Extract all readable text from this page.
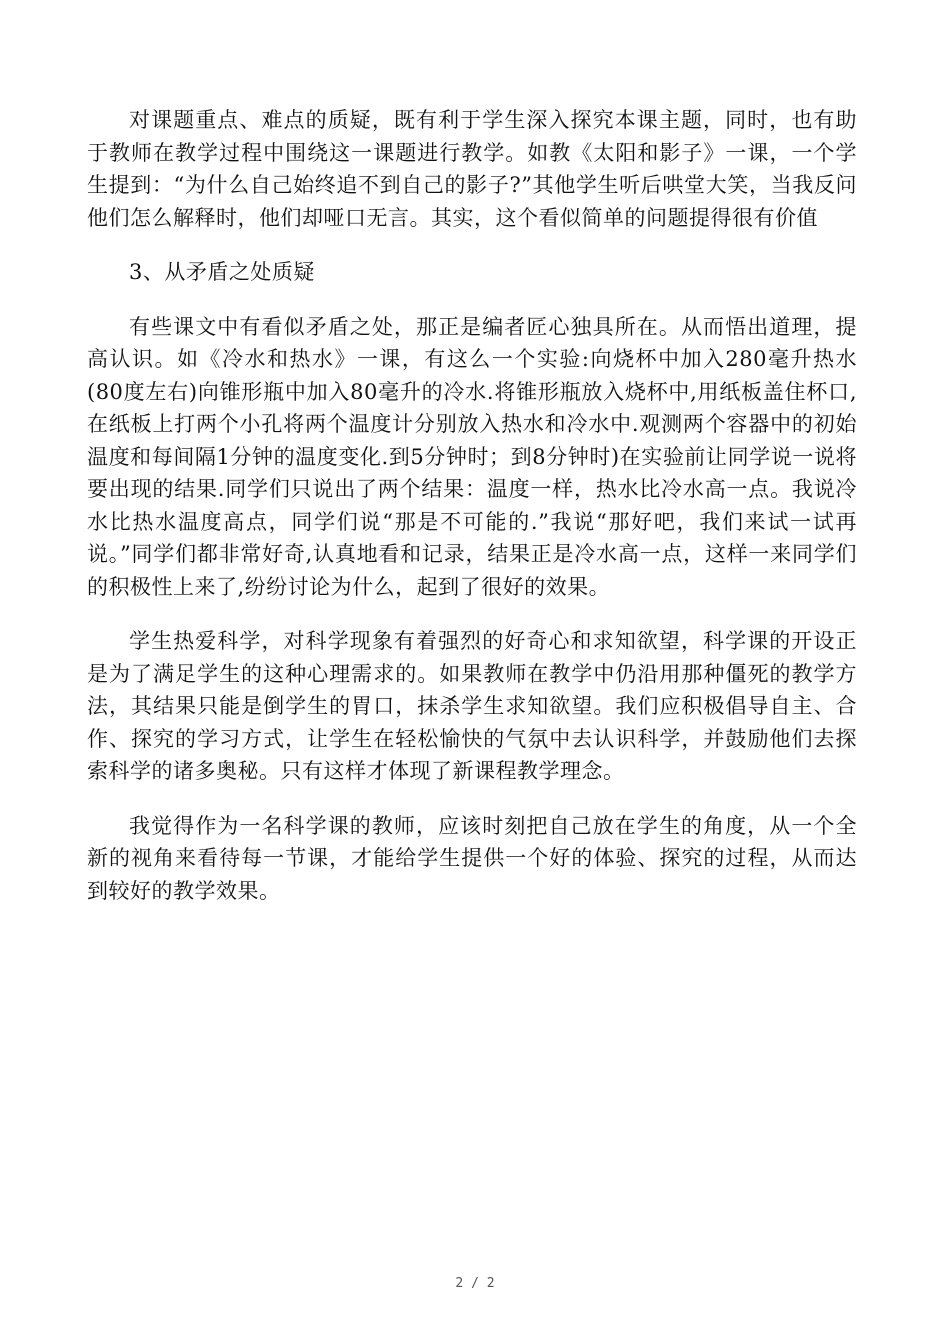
对课题重点、难点的质疑，既有利于学生深入探究本课主题，同时，也有助于教师在教学过程中围绕这一课题进行教学。如教《太阳和影子》一课，一个学生提到：“为什么自己始终追不到自己的影子?”其他学生听后哄堂大笑，当我反问他们怎么解释时，他们却哑口无言。其实，这个看似简单的问题提得很有价值

3、从矛盾之处质疑

有些课文中有看似矛盾之处，那正是编者匠心独具所在。从而悟出道理，提高认识。如《冷水和热水》一课，有这么一个实验:向烧杯中加入280毫升热水(80度左右)向锥形瓶中加入80毫升的冷水.将锥形瓶放入烧杯中,用纸板盖住杯口,在纸板上打两个小孔将两个温度计分别放入热水和冷水中.观测两个容器中的初始温度和每间隔1分钟的温度变化.到5分钟时；到8分钟时)在实验前让同学说一说将要出现的结果.同学们只说出了两个结果：温度一样，热水比冷水高一点。我说冷水比热水温度高点，同学们说“那是不可能的.”我说“那好吧，我们来试一试再说。”同学们都非常好奇,认真地看和记录，结果正是冷水高一点，这样一来同学们的积极性上来了,纷纷讨论为什么，起到了很好的效果。

学生热爱科学，对科学现象有着强烈的好奇心和求知欲望，科学课的开设正是为了满足学生的这种心理需求的。如果教师在教学中仍沿用那种僵死的教学方法，其结果只能是倒学生的胃口，抹杀学生求知欲望。我们应积极倡导自主、合作、探究的学习方式，让学生在轻松愉快的气氛中去认识科学，并鼓励他们去探索科学的诸多奥秘。只有这样才体现了新课程教学理念。

我觉得作为一名科学课的教师，应该时刻把自己放在学生的角度，从一个全新的视角来看待每一节课，才能给学生提供一个好的体验、探究的过程，从而达到较好的教学效果。

2 / 2
